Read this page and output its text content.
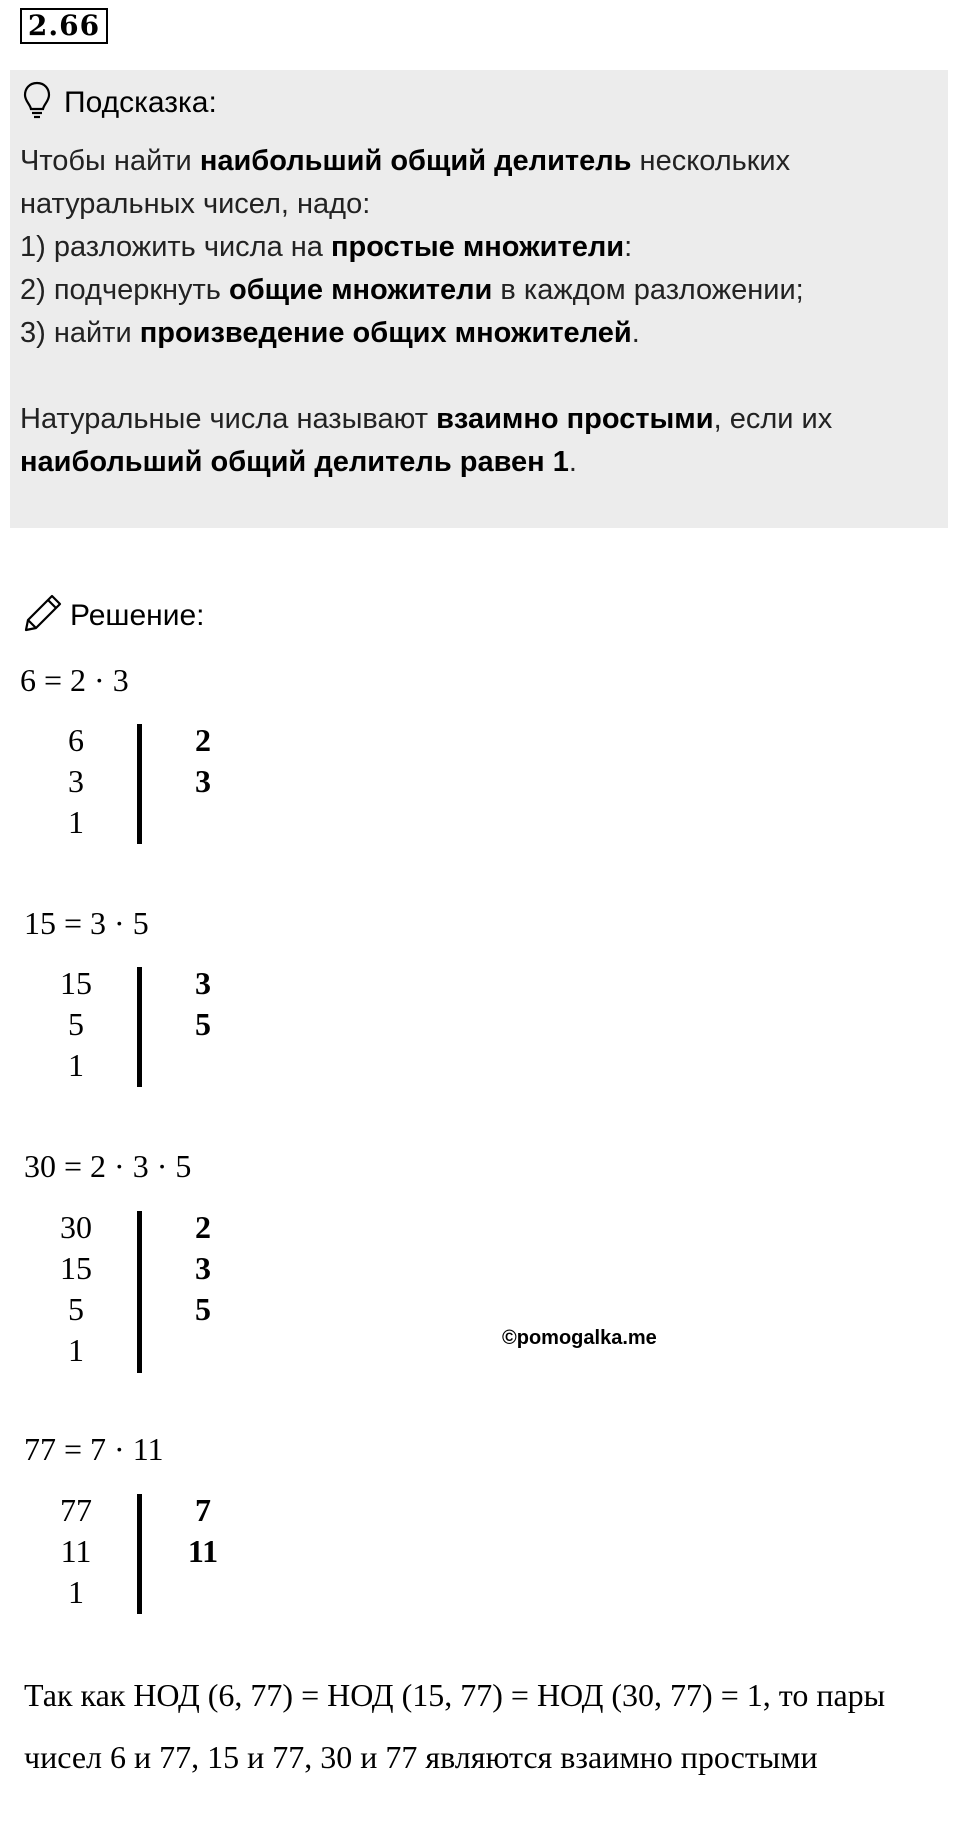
2.66
Подсказка:
Чтобы найти наибольший общий делитель нескольких натуральных чисел, надо:
1) разложить числа на простые множители:
2) подчеркнуть общие множители в каждом разложении;
3) найти произведение общих множителей.
Натуральные числа называют взаимно простыми, если их наибольший общий делитель равен 1.
Решение:
6 = 2 · 3
6	2
3	3
1
15 = 3 · 5
15	3
5	5
1
30 = 2 · 3 · 5
30	2
15	3
5	5
1	©pomogalka.me
77 = 7 · 11
77	7
11	11
1
Так как НОД (6, 77) = НОД (15, 77) = НОД (30, 77) = 1, то пары чисел 6 и 77, 15 и 77, 30 и 77 являются взаимно простыми
